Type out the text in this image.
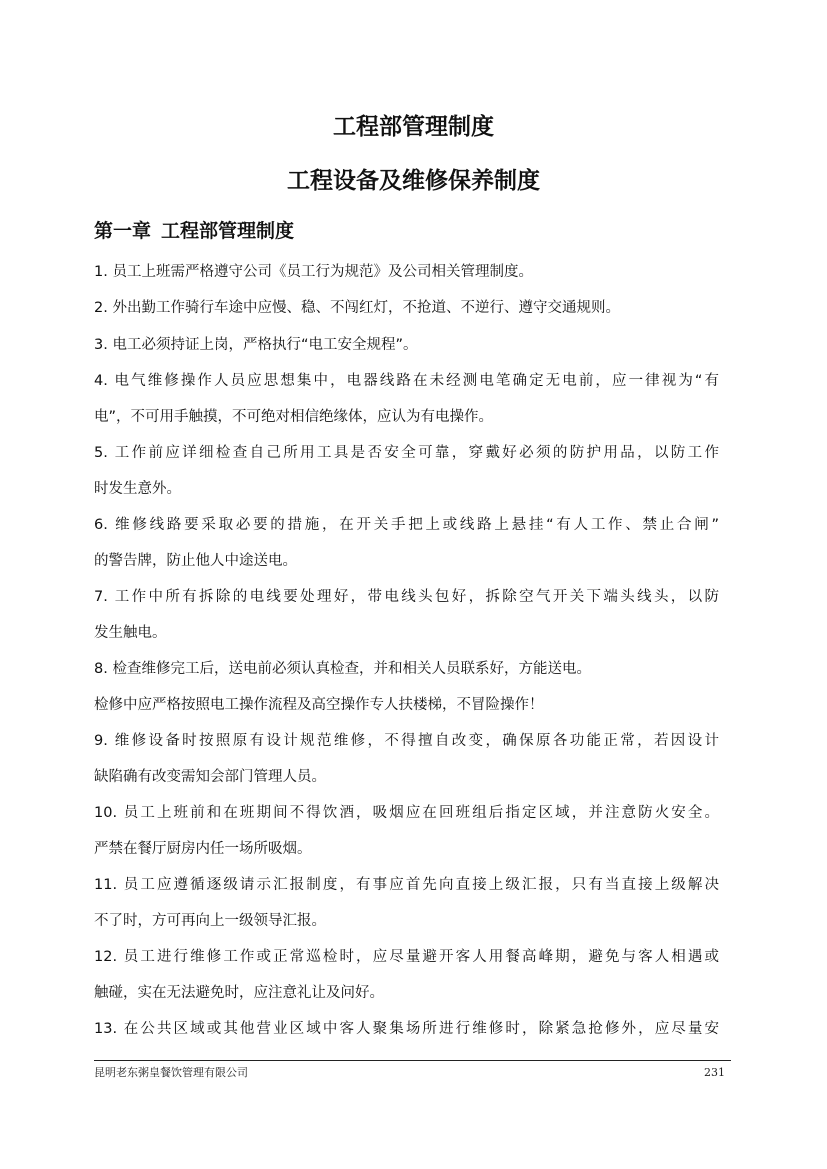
工程部管理制度
工程设备及维修保养制度
第一章 工程部管理制度

1. 员工上班需严格遵守公司《员工行为规范》及公司相关管理制度。

2. 外出勤工作骑行车途中应慢、稳、不闯红灯，不抢道、不逆行、遵守交通规则。

3. 电工必须持证上岗，严格执行“电工安全规程”。

4. 电气维修操作人员应思想集中，电器线路在未经测电笔确定无电前，应一律视为“有

电”，不可用手触摸，不可绝对相信绝缘体，应认为有电操作。

5. 工作前应详细检查自己所用工具是否安全可靠，穿戴好必须的防护用品，以防工作

时发生意外。

6. 维修线路要采取必要的措施，在开关手把上或线路上悬挂“有人工作、禁止合闸”

的警告牌，防止他人中途送电。

7. 工作中所有拆除的电线要处理好，带电线头包好，拆除空气开关下端头线头，以防

发生触电。

8. 检查维修完工后，送电前必须认真检查，并和相关人员联系好，方能送电。

检修中应严格按照电工操作流程及高空操作专人扶楼梯，不冒险操作！

9. 维修设备时按照原有设计规范维修，不得擅自改变，确保原各功能正常，若因设计

缺陷确有改变需知会部门管理人员。

10. 员工上班前和在班期间不得饮酒，吸烟应在回班组后指定区域，并注意防火安全。

严禁在餐厅厨房内任一场所吸烟。

11. 员工应遵循逐级请示汇报制度，有事应首先向直接上级汇报，只有当直接上级解决

不了时，方可再向上一级领导汇报。

12. 员工进行维修工作或正常巡检时，应尽量避开客人用餐高峰期，避免与客人相遇或

触碰，实在无法避免时，应注意礼让及问好。

13. 在公共区域或其他营业区域中客人聚集场所进行维修时，除紧急抢修外，应尽量安

昆明老东粥皇餐饮管理有限公司	231
